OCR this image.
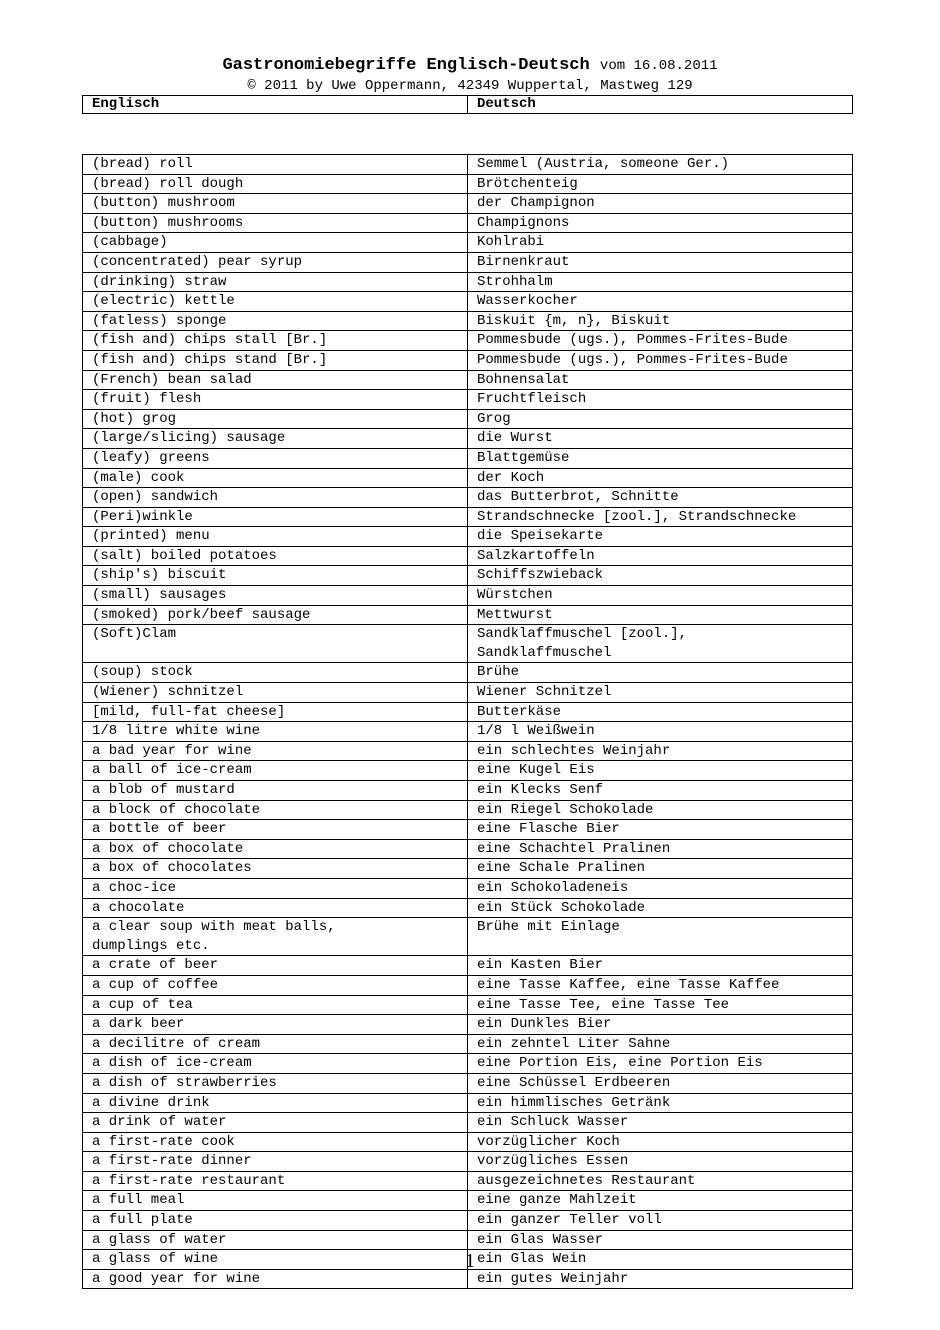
Gastronomiebegriffe Englisch-Deutsch vom 16.08.2011
© 2011 by Uwe Oppermann, 42349 Wuppertal, Mastweg 129
Englisch	Deutsch
(bread) roll	Semmel (Austria, someone Ger.)
(bread) roll dough	Brötchenteig
(button) mushroom	der Champignon
(button) mushrooms	Champignons
(cabbage)	Kohlrabi
(concentrated) pear syrup	Birnenkraut
(drinking) straw	Strohhalm
(electric) kettle	Wasserkocher
(fatless) sponge	Biskuit {m, n}, Biskuit
(fish and) chips stall [Br.]	Pommesbude (ugs.), Pommes-Frites-Bude
(fish and) chips stand [Br.]	Pommesbude (ugs.), Pommes-Frites-Bude
(French) bean salad	Bohnensalat
(fruit) flesh	Fruchtfleisch
(hot) grog	Grog
(large/slicing) sausage	die Wurst
(leafy) greens	Blattgemüse
(male) cook	der Koch
(open) sandwich	das Butterbrot, Schnitte
(Peri)winkle	Strandschnecke [zool.], Strandschnecke
(printed) menu	die Speisekarte
(salt) boiled potatoes	Salzkartoffeln
(ship's) biscuit	Schiffszwieback
(small) sausages	Würstchen
(smoked) pork/beef sausage	Mettwurst
(Soft)Clam	Sandklaffmuschel [zool.],
Sandklaffmuschel
(soup) stock	Brühe
(Wiener) schnitzel	Wiener Schnitzel
[mild, full-fat cheese]	Butterkäse
1/8 litre white wine	1/8 l Weißwein
a bad year for wine	ein schlechtes Weinjahr
a ball of ice-cream	eine Kugel Eis
a blob of mustard	ein Klecks Senf
a block of chocolate	ein Riegel Schokolade
a bottle of beer	eine Flasche Bier
a box of chocolate	eine Schachtel Pralinen
a box of chocolates	eine Schale Pralinen
a choc-ice	ein Schokoladeneis
a chocolate	ein Stück Schokolade
a clear soup with meat balls,
dumplings etc.	Brühe mit Einlage
a crate of beer	ein Kasten Bier
a cup of coffee	eine Tasse Kaffee, eine Tasse Kaffee
a cup of tea	eine Tasse Tee, eine Tasse Tee
a dark beer	ein Dunkles Bier
a decilitre of cream	ein zehntel Liter Sahne
a dish of ice-cream	eine Portion Eis, eine Portion Eis
a dish of strawberries	eine Schüssel Erdbeeren
a divine drink	ein himmlisches Getränk
a drink of water	ein Schluck Wasser
a first-rate cook	vorzüglicher Koch
a first-rate dinner	vorzügliches Essen
a first-rate restaurant	ausgezeichnetes Restaurant
a full meal	eine ganze Mahlzeit
a full plate	ein ganzer Teller voll
a glass of water	ein Glas Wasser
a glass of wine	ein Glas Wein
a good year for wine	ein gutes Weinjahr
1
